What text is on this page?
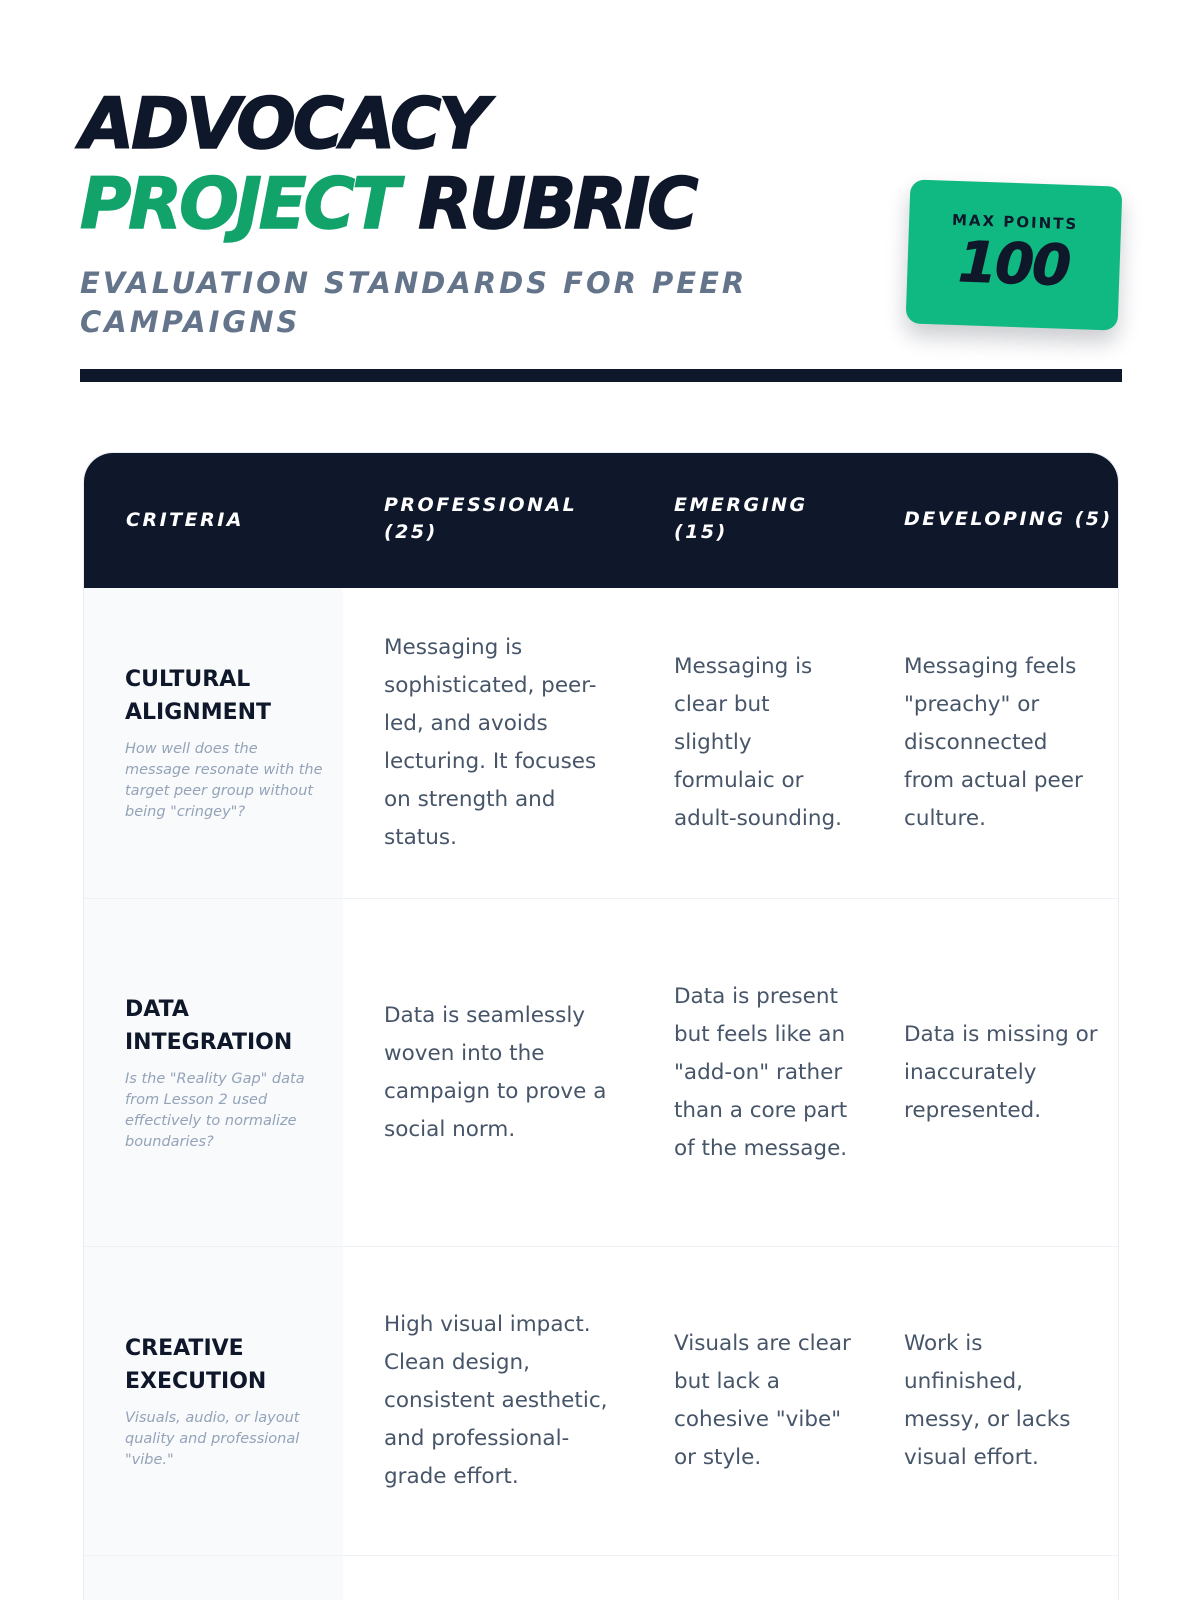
ADVOCACY
PROJECT RUBRIC
EVALUATION STANDARDS FOR PEER CAMPAIGNS
MAX POINTS
100
CRITERIA
PROFESSIONAL (25)
EMERGING (15)
DEVELOPING (5)
CULTURAL ALIGNMENT
How well does the message resonate with the target peer group without being "cringey"?
Messaging is sophisticated, peer-led, and avoids lecturing. It focuses on strength and status.
Messaging is clear but slightly formulaic or adult-sounding.
Messaging feels "preachy" or disconnected from actual peer culture.
DATA INTEGRATION
Is the "Reality Gap" data from Lesson 2 used effectively to normalize boundaries?
Data is seamlessly woven into the campaign to prove a social norm.
Data is present but feels like an "add-on" rather than a core part of the message.
Data is missing or inaccurately represented.
CREATIVE EXECUTION
Visuals, audio, or layout quality and professional "vibe."
High visual impact. Clean design, consistent aesthetic, and professional-grade effort.
Visuals are clear but lack a cohesive "vibe" or style.
Work is unfinished, messy, or lacks visual effort.
